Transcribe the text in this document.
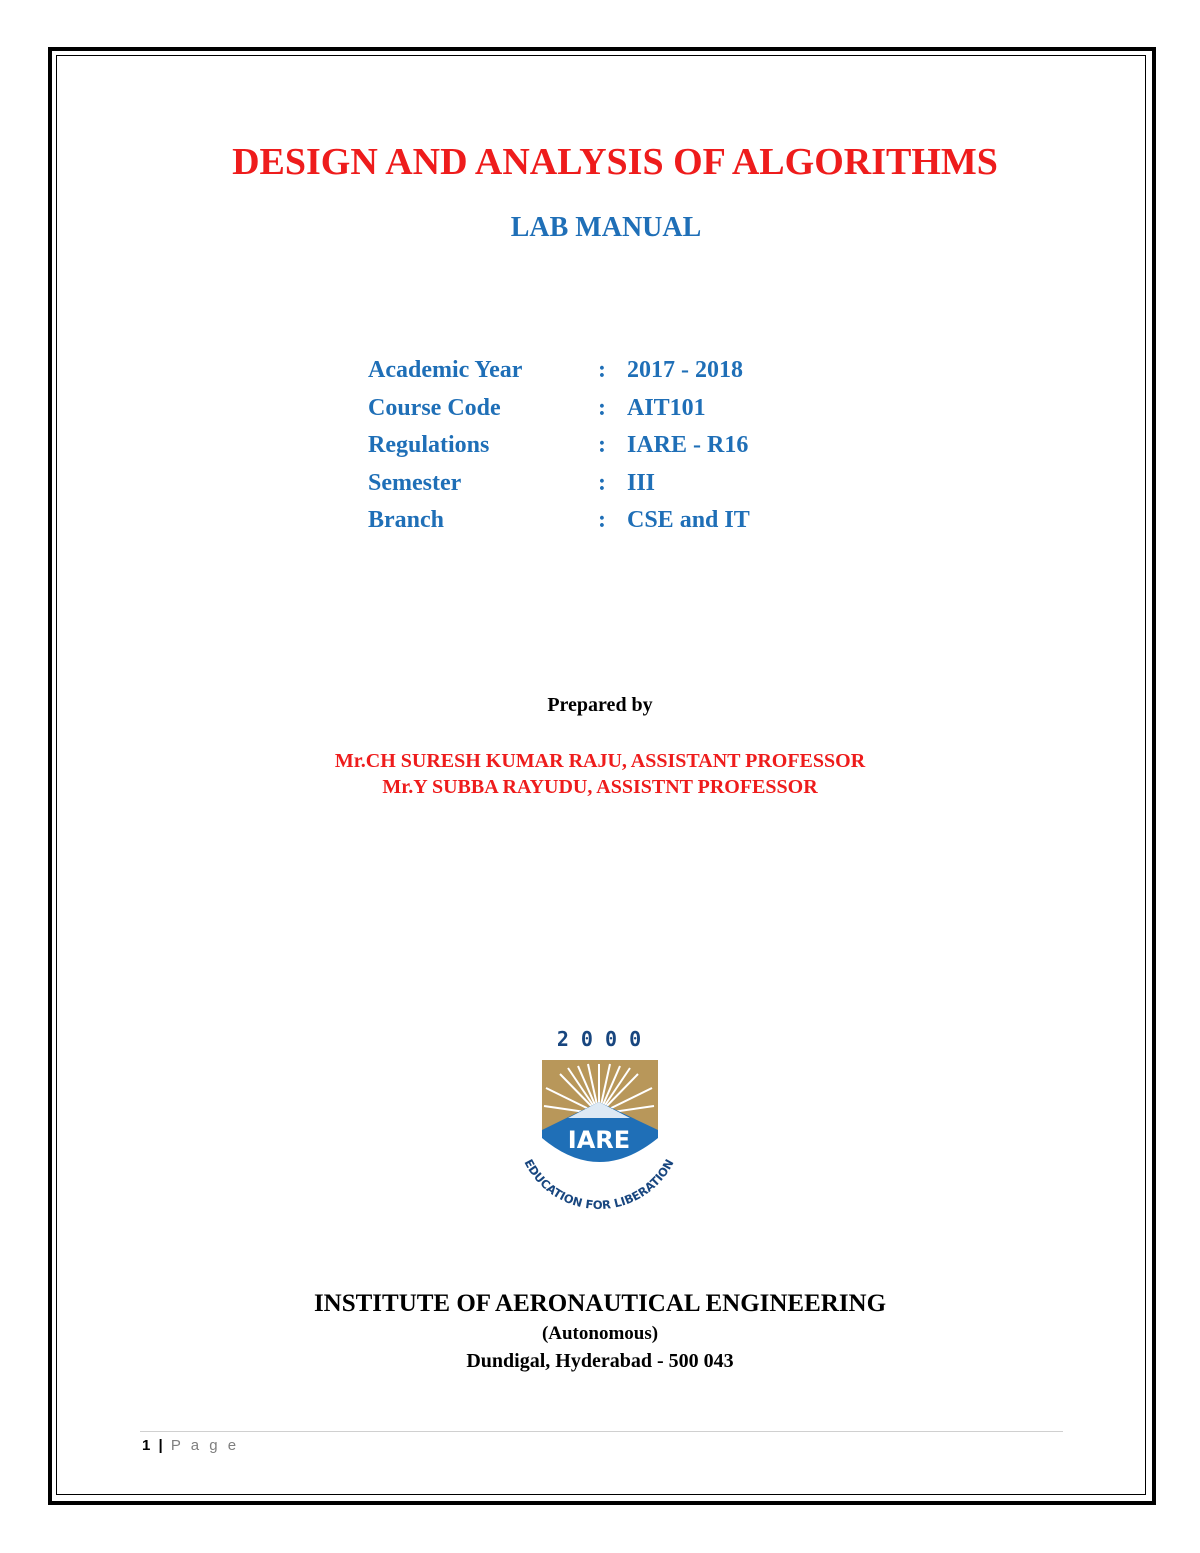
DESIGN AND ANALYSIS OF ALGORITHMS
LAB MANUAL
Academic Year	:	2017 - 2018
Course Code	:	AIT101
Regulations	:	IARE - R16
Semester	:	III
Branch	:	CSE and IT
Prepared by
Mr.CH SURESH KUMAR RAJU, ASSISTANT PROFESSOR
Mr.Y SUBBA RAYUDU, ASSISTNT PROFESSOR
2 0 0 0
IARE
EDUCATION FOR LIBERATION
INSTITUTE OF AERONAUTICAL ENGINEERING
(Autonomous)
Dundigal, Hyderabad - 500 043
1 | P a g e
